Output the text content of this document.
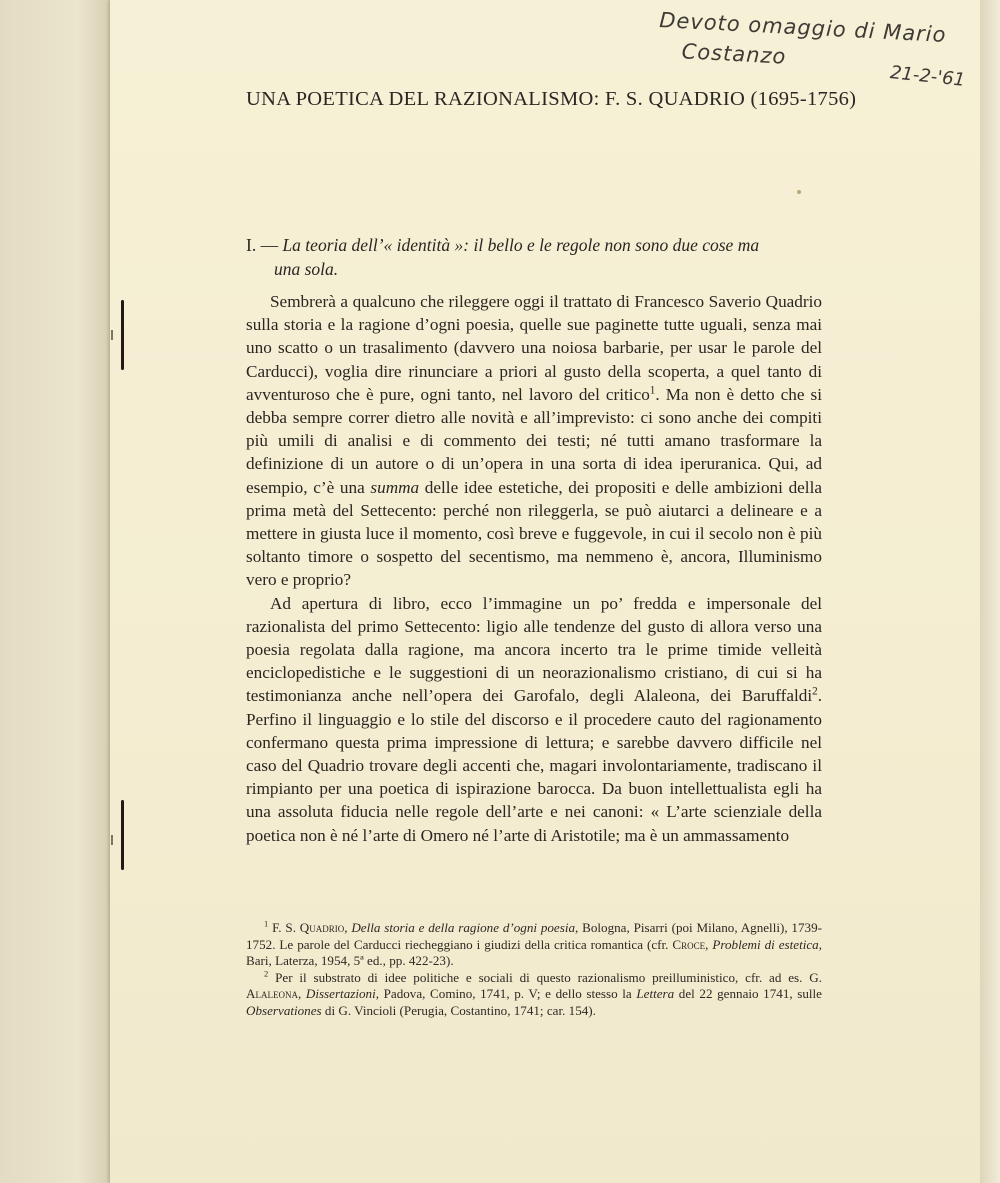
Devoto omaggio di Mario
Costanzo
21-2-'61
UNA POETICA DEL RAZIONALISMO: F. S. QUADRIO (1695-1756)
I. — La teoria dell’« identità »: il bello e le regole non sono due cose ma
una sola.

Sembrerà a qualcuno che rileggere oggi il trattato di Francesco Saverio Quadrio sulla storia e la ragione d’ogni poesia, quelle sue paginette tutte uguali, senza mai uno scatto o un trasalimento (davvero una noiosa barbarie, per usar le parole del Carducci), voglia dire rinunciare a priori al gusto della scoperta, a quel tanto di avventuroso che è pure, ogni tanto, nel lavoro del critico$^1$. Ma non è detto che si debba sempre correr dietro alle novità e all’imprevisto: ci sono anche dei compiti più umili di analisi e di commento dei testi; né tutti amano trasformare la definizione di un autore o di un’opera in una sorta di idea iperuranica. Qui, ad esempio, c’è una summa delle idee estetiche, dei propositi e delle ambizioni della prima metà del Settecento: perché non rileggerla, se può aiutarci a delineare e a mettere in giusta luce il momento, così breve e fuggevole, in cui il secolo non è più soltanto timore o sospetto del secentismo, ma nemmeno è, ancora, Illuminismo vero e proprio?

Ad apertura di libro, ecco l’immagine un po’ fredda e impersonale del razionalista del primo Settecento: ligio alle tendenze del gusto di allora verso una poesia regolata dalla ragione, ma ancora incerto tra le prime timide velleità enciclopedistiche e le suggestioni di un neorazionalismo cristiano, di cui si ha testimonianza anche nell’opera dei Garofalo, degli Alaleona, dei Baruffaldi$^2$. Perfino il linguaggio e lo stile del discorso e il procedere cauto del ragionamento confermano questa prima impressione di lettura; e sarebbe davvero difficile nel caso del Quadrio trovare degli accenti che, magari involontariamente, tradiscano il rimpianto per una poetica di ispirazione barocca. Da buon intellettualista egli ha una assoluta fiducia nelle regole dell’arte e nei canoni: « L’arte scienziale della poetica non è né l’arte di Omero né l’arte di Aristotile; ma è un ammassamento

$^1$ F. S. Quadrio, Della storia e della ragione d’ogni poesia, Bologna, Pisarri (poi Milano, Agnelli), 1739-1752. Le parole del Carducci riecheggiano i giudizi della critica romantica (cfr. Croce, Problemi di estetica, Bari, Laterza, 1954, 5ª ed., pp. 422-23).

$^2$ Per il substrato di idee politiche e sociali di questo razionalismo preilluministico, cfr. ad es. G. Alaleona, Dissertazioni, Padova, Comino, 1741, p. V; e dello stesso la Lettera del 22 gennaio 1741, sulle Observationes di G. Vincioli (Perugia, Costantino, 1741; car. 154).
